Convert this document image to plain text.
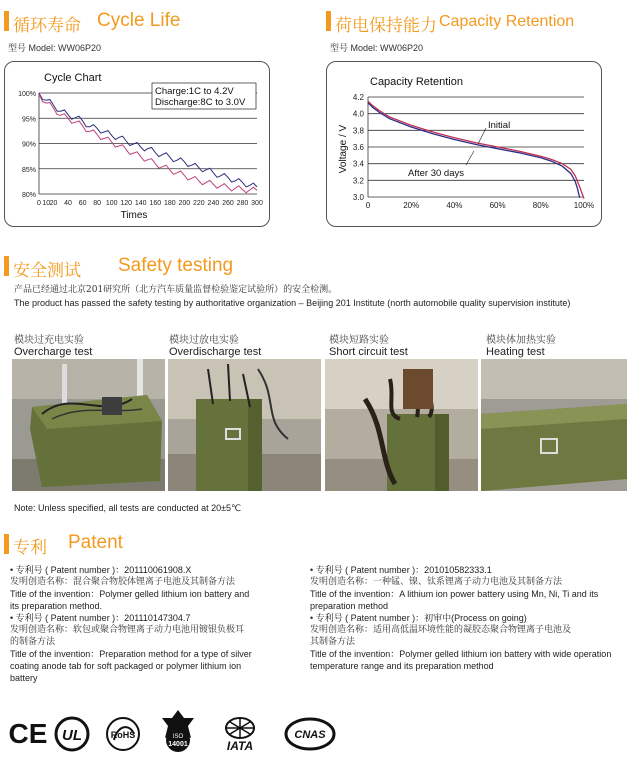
循环寿命 Cycle Life
型号 Model: WW06P20
Cycle Chart
100%
95%
90%
85%
80%
0 10 20 40 60 80 100 120 140 160 180 200 220 240 260 280 300
Charge:1C to 4.2V
Discharge:8C to 3.0V
Times
荷电保持能力 Capacity Retention
型号 Model: WW06P20
Capacity Retention
4.2
4.0
3.8
3.6
3.4
3.2
3.0
0	20%	40%	60%	80%	100%
Voltage / V	Initial
After 30 days
安全测试 Safety testing
产品已经通过北京201研究所（北方汽车质量监督检验鉴定试验所）的安全检测。
The product has passed the safety testing by authoritative organization – Beijing 201 Institute (north automobile quality supervision institute)
模块过充电实验
Overcharge test
模块过放电实验
Overdischarge test
模块短路实验
Short circuit test
模块体加热实验
Heating test
Note: Unless specified, all tests are conducted at 20±5℃
专利 Patent
• 专利号 ( Patent number )：201110061908.X
发明创造名称：混合聚合物胶体锂离子电池及其制备方法
Title of the invention：Polymer gelled lithium ion battery and
its preparation method.
• 专利号 ( Patent number )：201110147304.7
发明创造名称：软包或聚合物锂离子动力电池用镀银负极耳
的制备方法
Title of the invention：Preparation method for a type of silver
coating anode tab for soft packaged or polymer lithium ion
battery
• 专利号 ( Patent number )：201010582333.1
发明创造名称：一种锰、镍、钛系锂离子动力电池及其制备方法
Title of the invention：A lithium ion power battery using Mn, Ni, Ti and its
preparation method
• 专利号 ( Patent number )：初审中(Process on going)
发明创造名称：适用高低温环境性能的凝胶态聚合物锂离子电池及
其制备方法
Title of the invention：Polymer gelled lithium ion battery with wide operation
temperature range and its preparation method
CE UL	RoHS	ISO
14001	IATA
CNAS
